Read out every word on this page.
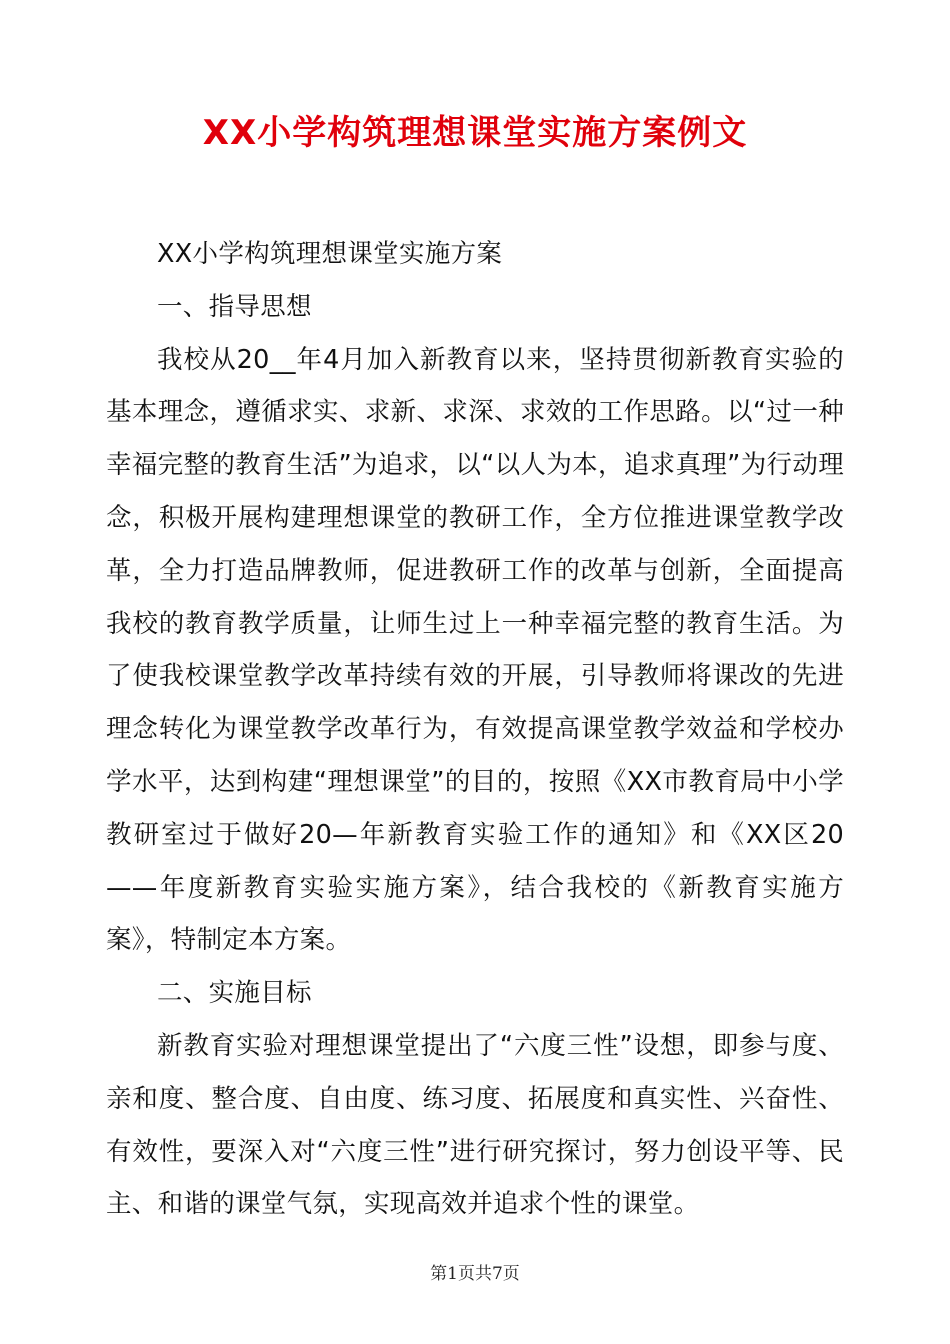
XX小学构筑理想课堂实施方案例文

XX小学构筑理想课堂实施方案

一、指导思想

我校从20__年4月加入新教育以来，坚持贯彻新教育实验的基本理念，遵循求实、求新、求深、求效的工作思路。以“过一种幸福完整的教育生活”为追求，以“以人为本，追求真理”为行动理念，积极开展构建理想课堂的教研工作，全方位推进课堂教学改革，全力打造品牌教师，促进教研工作的改革与创新，全面提高我校的教育教学质量，让师生过上一种幸福完整的教育生活。为了使我校课堂教学改革持续有效的开展，引导教师将课改的先进理念转化为课堂教学改革行为，有效提高课堂教学效益和学校办学水平，达到构建“理想课堂”的目的，按照《XX市教育局中小学教研室过于做好20—年新教育实验工作的通知》和《XX区20——年度新教育实验实施方案》，结合我校的《新教育实施方案》，特制定本方案。

二、实施目标

新教育实验对理想课堂提出了“六度三性”设想，即参与度、亲和度、整合度、自由度、练习度、拓展度和真实性、兴奋性、有效性，要深入对“六度三性”进行研究探讨，努力创设平等、民主、和谐的课堂气氛，实现高效并追求个性的课堂。

第1页共7页
